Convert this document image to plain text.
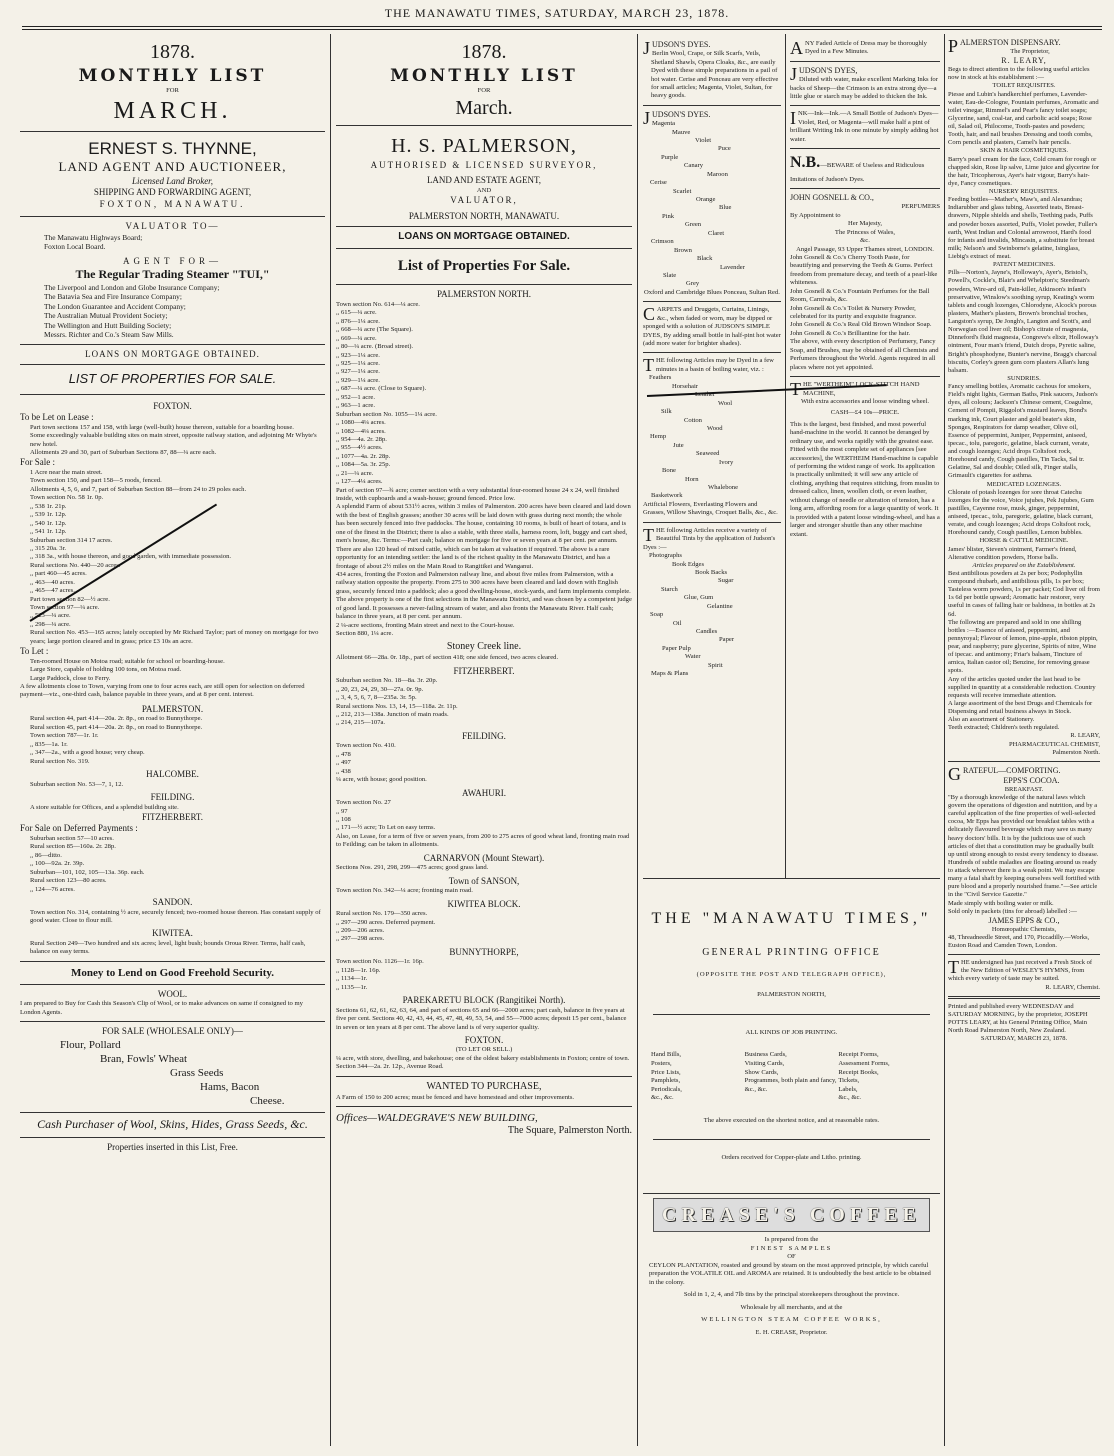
THE MANAWATU TIMES, SATURDAY, MARCH 23, 1878.
1878.
MONTHLY LIST
FOR
MARCH.
ERNEST S. THYNNE,
LAND AGENT AND AUCTIONEER,
Licensed Land Broker,
SHIPPING AND FORWARDING AGENT,
FOXTON, MANAWATU.
VALUATOR TO—
The Manawatu Highways Board;
Foxton Local Board.
AGENT FOR—
The Regular Trading Steamer "TUI,"
The Liverpool and London and Globe Insurance Company;
The Batavia Sea and Fire Insurance Company;
The London Guarantee and Accident Company;
The Australian Mutual Provident Society;
The Wellington and Hutt Building Society;
Messrs. Richter and Co.'s Steam Saw Mills.
LOANS ON MORTGAGE OBTAINED.
LIST OF PROPERTIES FOR SALE.
FOXTON.
To be Let on Lease :
Part town sections 157 and 158, with large (well-built) house thereon, suitable for a boarding house.
Some exceedingly valuable building sites on main street, opposite railway station, and adjoining Mr Whyte's new hotel.
Allotments 29 and 30, part of Suburban Sections 87, 88—¼ acre each.
For Sale :
1 Acre near the main street.
Town section 150, and part 158—5 roods, fenced.
Allotments 4, 5, 6, and 7, part of Suburban Section 88—from 24 to 29 poles each.
Town section No. 58 1r. 0p.
,, 538 1r. 21p.
,, 539 1r. 12p.
,, 540 1r. 12p.
,, 541 1r. 12p.
Suburban section 314 17 acres.
,, 315 20a. 3r.
,, 318 3a., with house thereon, and good garden, with immediate possession.
Rural sections No. 440—20 acres.
,, part 460—45 acres.
,, 463—40 acres.
,, 465—47 acres.
Part town section 82—½ acre.
Town section 97—¼ acre.
,, 523—¼ acre.
,, 298—¼ acre.
Rural section No. 453—165 acres; lately occupied by Mr Richard Taylor; part of money on mortgage for two years; large portion cleared and in grass; price £3 10s an acre.
To Let :
Ten-roomed House on Motoa road; suitable for school or boarding-house.
Large Store, capable of holding 100 tons, on Motoa road.
Large Paddock, close to Ferry.
A few allotments close to Town, varying from one to four acres each, are still open for selection on deferred payment—viz., one-third cash, balance payable in three years, and at 8 per cent. interest.
PALMERSTON.
Rural section 44, part 414—20a. 2r. 8p., on road to Bunnythorpe.
Rural section 45, part 414—20a. 2r. 8p., on road to Bunnythorpe.
Town section 787—1r. 1r.
,, 835—1a. 1r.
,, 347—2a., with a good house; very cheap.
Rural section No. 319.
HALCOMBE.
Suburban section No. 53—7, 1, 12.
FEILDING.
A store suitable for Offices, and a splendid building site.
FITZHERBERT.
For Sale on Deferred Payments :
Suburban section 57—10 acres.
Rural section 85—160a. 2r. 28p.
,, 86—ditto.
,, 100—92a. 2r. 39p.
Suburban—101, 102, 105—13a. 36p. each.
Rural section 123—80 acres.
,, 124—76 acres.
SANDON.
Town section No. 314, containing ½ acre, securely fenced; two-roomed house thereon. Has constant supply of good water. Close to flour mill.
KIWITEA.
Rural Section 249—Two hundred and six acres; level, light bush; bounds Oroua River. Terms, half cash, balance on easy terms.
Money to Lend on Good Freehold Security.
WOOL.
I am prepared to Buy for Cash this Season's Clip of Wool, or to make advances on same if consigned to my London Agents.
FOR SALE (WHOLESALE ONLY)—
Flour, Pollard
Bran, Fowls' Wheat
Grass Seeds
Hams, Bacon
Cheese.
Cash Purchaser of Wool, Skins, Hides, Grass Seeds, &c.
Properties inserted in this List, Free.
1878.
MONTHLY LIST
FOR
March.
H. S. PALMERSON,
AUTHORISED & LICENSED SURVEYOR,
LAND AND ESTATE AGENT,
AND
VALUATOR,
PALMERSTON NORTH, MANAWATU.
LOANS ON MORTGAGE OBTAINED.
List of Properties For Sale.
PALMERSTON NORTH.
Town section No. 614—¼ acre.
,, 615—¼ acre.
,, 876—1¼ acre.
,, 668—¼ acre (The Square).
,, 669—¼ acre.
,, 80—¼ acre. (Broad street).
,, 923—1¼ acre.
,, 925—1¼ acre.
,, 927—1¼ acre.
,, 929—1¼ acre.
,, 687—¼ acre. (Close to Square).
,, 952—1 acre.
,, 963—1 acre.
Suburban section No. 1055—1¼ acre.
,, 1080—4¼ acres.
,, 1082—4¼ acres.
,, 954—4a. 2r. 28p.
,, 955—4½ acres.
,, 1077—4a. 2r. 28p.
,, 1084—5a. 3r. 25p.
,, 21—¼ acre.
,, 127—4¼ acres.
Part of section 97—¾ acre; corner section with a very substantial four-roomed house 24 x 24, well finished inside, with cupboards and a wash-house; ground fenced. Price low.
A splendid Farm of about 531½ acres, within 3 miles of Palmerston. 200 acres have been cleared and laid down with the best of English grasses; another 30 acres will be laid down with grass during next month; the whole has been securely fenced into five paddocks. The house, containing 10 rooms, is built of heart of totara, and is one of the finest in the District; there is also a stable, with three stalls, harness room, loft, buggy and cart shed, men's house, &c. Terms:—Part cash; balance on mortgage for five or seven years at 8 per cent. per annum. There are also 120 head of mixed cattle, which can be taken at valuation if required. The above is a rare opportunity for an intending settler: the land is of the richest quality in the Manawatu District, and has a frontage of about 2½ miles on the Main Road to Rangitikei and Wanganui.
434 acres, fronting the Foxton and Palmerston railway line, and about five miles from Palmerston, with a railway station opposite the property. From 275 to 300 acres have been cleared and laid down with English grass, securely fenced into a paddock; also a good dwelling-house, stock-yards, and farm implements complete. The above property is one of the first selections in the Manawatu District, and was chosen by a competent judge of good land. It possesses a never-failing stream of water, and also fronts the Manawatu River. Half cash; balance in three years, at 8 per cent. per annum.
2 ¼-acre sections, fronting Main street and next to the Court-house.
Section 880, 1¼ acre.
Stoney Creek line.
Allotment 66—28a. 0r. 18p., part of section 418; one side fenced, two acres cleared.
FITZHERBERT.
Suburban section No. 18—8a. 3r. 20p.
,, 20, 23, 24, 29, 30—27a. 0r. 9p.
,, 3, 4, 5, 6, 7, 8—235a. 3r. 5p.
Rural sections Nos. 13, 14, 15—118a. 2r. 11p.
,, 212, 213—138a. Junction of main roads.
,, 214, 215—107a.
FEILDING.
Town section No. 410.
,, 478
,, 497
,, 438
¼ acre, with house; good position.
AWAHURI.
Town section No. 27
,, 97
,, 108
,, 171—½ acre; To Let on easy terms.
Also, on Lease, for a term of five or seven years, from 200 to 275 acres of good wheat land, fronting main road to Feilding; can be taken in allotments.
CARNARVON (Mount Stewart).
Sections Nos. 291, 298, 299—475 acres; good grass land.
Town of SANSON,
Town section No. 342—¼ acre; fronting main road.
KIWITEA BLOCK.
Rural section No. 179—350 acres.
,, 297—290 acres. Deferred payment.
,, 209—206 acres.
,, 297—298 acres.
BUNNYTHORPE,
Town section No. 1126—1r. 16p.
,, 1128—1r. 16p.
,, 1134—1r.
,, 1135—1r.
PAREKARETU BLOCK (Rangitikei North).
Sections 61, 62, 61, 62, 63, 64, and part of sections 65 and 66—2000 acres; part cash, balance in five years at five per cent. Sections 40, 42, 43, 44, 45, 47, 48, 49, 53, 54, and 55—7000 acres; deposit 15 per cent., balance in seven or ten years at 8 per cent. The above land is of very superior quality.
FOXTON.
(TO LET OR SELL.)
¼ acre, with store, dwelling, and bakehouse; one of the oldest bakery establishments in Foxton; centre of town.
Section 344—2a. 2r. 12p., Avenue Road.
WANTED TO PURCHASE,
A Farm of 150 to 200 acres; must be fenced and have homestead and other improvements.
Offices—WALDEGRAVE'S NEW BUILDING,
The Square, Palmerston North.
JUDSON'S DYES.
Berlin Wool, Crape, or Silk Scarfs, Veils, Shetland Shawls, Opera Cloaks, &c., are easily Dyed with these simple preparations in a pail of hot water. Cerise and Ponceau are very effective for small articles; Magenta, Violet, Sultan, for heavy goods.
JUDSON'S DYES.
Magenta
Mauve
Violet
Puce
Purple
Canary
Maroon
Cerise
Scarlet
Orange
Blue
Pink
Green
Claret
Crimson
Brown
Black
Lavender
Slate
Grey
Oxford and Cambridge Blues Ponceau, Sultan Red.
CARPETS and Druggets, Curtains, Linings, &c., when faded or worn, may be dipped or sponged with a solution of JUDSON'S SIMPLE DYES, By adding small bottle in half-pint hot water (add more water for brighter shades).
THE following Articles may be Dyed in a few minutes in a basin of boiling water, viz. :
Feathers
Horsehair
Leather
Wool
Silk
Cotton
Wood
Hemp
Jute
Seaweed
Ivory
Bone
Horn
Whalebone
Basketwork
Artificial Flowers, Everlasting Flowers and Grasses, Willow Shavings, Croquet Balls, &c., &c.
THE following Articles receive a variety of Beautiful Tints by the application of Judson's Dyes :—
Photographs
Book Edges
Book Backs
Sugar
Starch
Glue, Gum
Gelantine
Soap
Oil
Candles
Paper
Paper Pulp
Water
Spirit
Maps & Plans
ANY Faded Article of Dress may be thoroughly Dyed in a Few Minutes.
JUDSON'S DYES,
Diluted with water, make excellent Marking Inks for backs of Sheep—the Crimson is an extra strong dye—a little glue or starch may be added to thicken the Ink.
INK—Ink—Ink.—A Small Bottle of Judson's Dyes—Violet, Red, or Magenta—will make half a pint of brilliant Writing Ink in one minute by simply adding hot water.
N.B.—BEWARE of Useless and Ridiculous Imitations of Judson's Dyes.
JOHN GOSNELL & CO.,
PERFUMERS
By Appointment to
Her Majesty,
The Princess of Wales,
&c.
Angel Passage, 93 Upper Thames street, LONDON.
John Gosnell & Co.'s Cherry Tooth Paste, for beautifying and preserving the Teeth & Gums. Perfect freedom from premature decay, and teeth of a pearl-like whiteness.
John Gosnell & Co.'s Fountain Perfumes for the Ball Room, Carnivals, &c.
John Gosnell & Co.'s Toilet & Nursery Powder, celebrated for its purity and exquisite fragrance.
John Gosnell & Co.'s Real Old Brown Windsor Soap.
John Gosnell & Co.'s Brilliantine for the hair.
The above, with every description of Perfumery, Fancy Soap, and Brushes, may be obtained of all Chemists and Perfumers throughout the World. Agents required in all places where not yet appointed.
THE "WERTHEIM" LOCK-STITCH HAND MACHINE,
With extra accessories and loose winding wheel.
CASH—£4 10s—PRICE.
This is the largest, best finished, and most powerful hand-machine in the world. It cannot be deranged by ordinary use, and works rapidly with the greatest ease. Fitted with the most complete set of appliances [see accessories], the WERTHEIM Hand-machine is capable of performing the widest range of work. Its application is practically unlimited; it will sew any article of clothing, anything that requires stitching, from muslin to dressed calico, linen, woollen cloth, or even leather, without change of needle or alteration of tension, has a long arm, affording room for a large quantity of work. It is provided with a patent loose winding-wheel, and has a larger and stronger shuttle than any other machine extant.
THE "MANAWATU TIMES,"
GENERAL PRINTING OFFICE
(OPPOSITE THE POST AND TELEGRAPH OFFICE),
PALMERSTON NORTH,
ALL KINDS OF JOB PRINTING.
Hand Bills,
Posters,
Price Lists,
Pamphlets,
Periodicals,
&c., &c.
Business Cards,
Visiting Cards,
Show Cards,
Programmes, both plain and fancy,
&c., &c.
Receipt Forms,
Assessment Forms,
Receipt Books,
Tickets,
Labels,
&c., &c.
The above executed on the shortest notice, and at reasonable rates.
Orders received for Copper-plate and Litho. printing.
CREASE'S COFFEE
Is prepared from the
FINEST SAMPLES
OF
CEYLON PLANTATION, roasted and ground by steam on the most approved principle, by which careful preparation the VOLATILE OIL and AROMA are retained. It is undoubtedly the best article to be obtained in the colony.
Sold in 1, 2, 4, and 7lb tins by the principal storekeepers throughout the province.
Wholesale by all merchants, and at the
WELLINGTON STEAM COFFEE WORKS,
E. H. CREASE, Proprietor.
PALMERSTON DISPENSARY.
The Proprietor,
R. LEARY,
Begs to direct attention to the following useful articles now in stock at his establishment :—
TOILET REQUISITES.
Piesse and Lubin's handkerchief perfumes, Lavender-water, Eau-de-Cologne, Fountain perfumes, Aromatic and toilet vinegar, Rimmel's and Pear's fancy toilet soaps; Glycerine, sand, coal-tar, and carbolic acid soaps; Rose oil, Salad oil, Philocome, Tooth-pastes and powders; Tooth, hair, and nail brushes Dressing and tooth combs, Corn pencils and plasters, Camel's hair pencils.
SKIN & HAIR COSMETIQUES.
Barry's pearl cream for the face, Cold cream for rough or chapped skin, Rose lip salve, Lime juice and glycerine for the hair, Tricopherous, Ayer's hair vigour, Barry's hair-dye, Fancy cosmetiques.
NURSERY REQUISITES.
Feeding bottles—Mather's, Maw's, and Alexandras; Indiarubber and glass tubing, Assorted teats, Breast-drawers, Nipple shields and shells, Teething pads, Puffs and powder boxes assorted, Puffs, Violet powder, Fuller's earth, West Indian and Colonial arrowroot, Hard's food for infants and invalids, Mincasin, a substitute for breast milk; Nelson's and Swinborne's gelatine, Isinglass, Liebig's extract of meat.
PATENT MEDICINES.
Pills—Norton's, Jayne's, Holloway's, Ayer's, Bristol's, Powell's, Cockle's, Blair's and Whelpton's; Steedman's powders, Wire-ard oil, Pain-killer, Atkinson's infant's preservative, Winslow's soothing syrup, Keating's worm tablets and cough lozenges, Chlorodyne, Alcock's porous plasters, Mather's plasters, Brown's bronchial troches, Langston's syrup, De Jongh's, Langton and Scott's, and Norwegian cod liver oil; Bishop's citrate of magnesia, Dinneford's fluid magnesia, Congreve's elixir, Holloway's ointment, Four man's friend, Dutch drops, Pyretic saline, Bright's phosphodyne, Bunter's nervine, Bragg's charcoal biscuits, Corley's green gum corn plasters Allan's lung balsam.
SUNDRIES.
Fancy smelling bottles, Aromatic cachous for smokers, Field's night lights, German Baths, Pink saucers, Judson's dyes, all colours; Jackson's Chinese cement, Coagulme, Cement of Pompii, Riggolot's mustard leaves, Bond's marking ink, Court plaster and gold beater's skin, Sponges, Respirators for damp weather, Olive oil, Essence of peppermint, Juniper, Peppermint, aniseed, ipecac., tolu, paregoric, gelatine, black currant, verate, and cough lozenges; Acid drops Coltsfoot rock, Horehound candy, Cough pastilles, Tin Tacks, Sal tr. Gelatine, Sal and double; Oiled silk, Finger stalls, Grimault's cigarettes for asthma.
MEDICATED LOZENGES.
Chlorate of potash lozenges for sore throat Catechu lozenges for the voice, Voice jujubes, Pek Jujubes, Gum pastilles, Cayenne rose, musk, ginger, peppermint, aniseed, ipecac., tolu, paregoric, gelatine, black currant, verate, and cough lozenges; Acid drops Coltsfoot rock, Horehound candy, Cough pastilles, Lemon bubbles.
HORSE & CATTLE MEDICINE.
James' blister, Steven's ointment, Farmer's friend, Alterative condition powders, Horse balls.
Articles prepared on the Establishment.
Best antibilious powders at 2s per box; Podophyllin compound rhubarb, and antibilious pills, 1s per box; Tasteless worm powders, 1s per packet; Cod liver oil from 1s 6d per bottle upward; Aromatic hair restorer, very useful in cases of falling hair or baldness, in bottles at 2s 6d.
The following are prepared and sold in one shilling bottles :—Essence of aniseed, peppermint, and pennyroyal; Flavour of lemon, pine-apple, ribston pippin, pear, and raspberry; pure glycerine, Spirits of nitre, Wine of ipecac. and antimony; Friar's balsam, Tincture of arnica, Italian castor oil; Benzine, for removing grease spots.
Any of the articles quoted under the last head to be supplied in quantity at a considerable reduction. Country requests will receive immediate attention.
A large assortment of the best Drugs and Chemicals for Dispensing and retail business always in Stock.
Also an assortment of Stationery.
Teeth extracted; Children's teeth regulated.
R. LEARY,
PHARMACEUTICAL CHEMIST,
Palmerston North.
GRATEFUL—COMFORTING.
EPPS'S COCOA.
BREAKFAST.
"By a thorough knowledge of the natural laws which govern the operations of digestion and nutrition, and by a careful application of the fine properties of well-selected cocoa, Mr Epps has provided our breakfast tables with a delicately flavoured beverage which may save us many heavy doctors' bills. It is by the judicious use of such articles of diet that a constitution may be gradually built up until strong enough to resist every tendency to disease. Hundreds of subtle maladies are floating around us ready to attack wherever there is a weak point. We may escape many a fatal shaft by keeping ourselves well fortified with pure blood and a properly nourished frame."—See article in the "Civil Service Gazette."
Made simply with boiling water or milk.
Sold only in packets (tins for abroad) labelled :—
JAMES EPPS & CO.,
Homœopathic Chemists,
48, Threadneedle Street, and 170, Piccadilly.—Works, Euston Road and Camden Town, London.
THE undersigned has just received a Fresh Stock of the New Edition of WESLEY'S HYMNS, from which every variety of taste may be suited.
R. LEARY, Chemist.
Printed and published every WEDNESDAY and SATURDAY MORNING, by the proprietor, JOSEPH POTTS LEARY, at his General Printing Office, Main North Road Palmerston North, New Zealand.
SATURDAY, MARCH 23, 1878.
